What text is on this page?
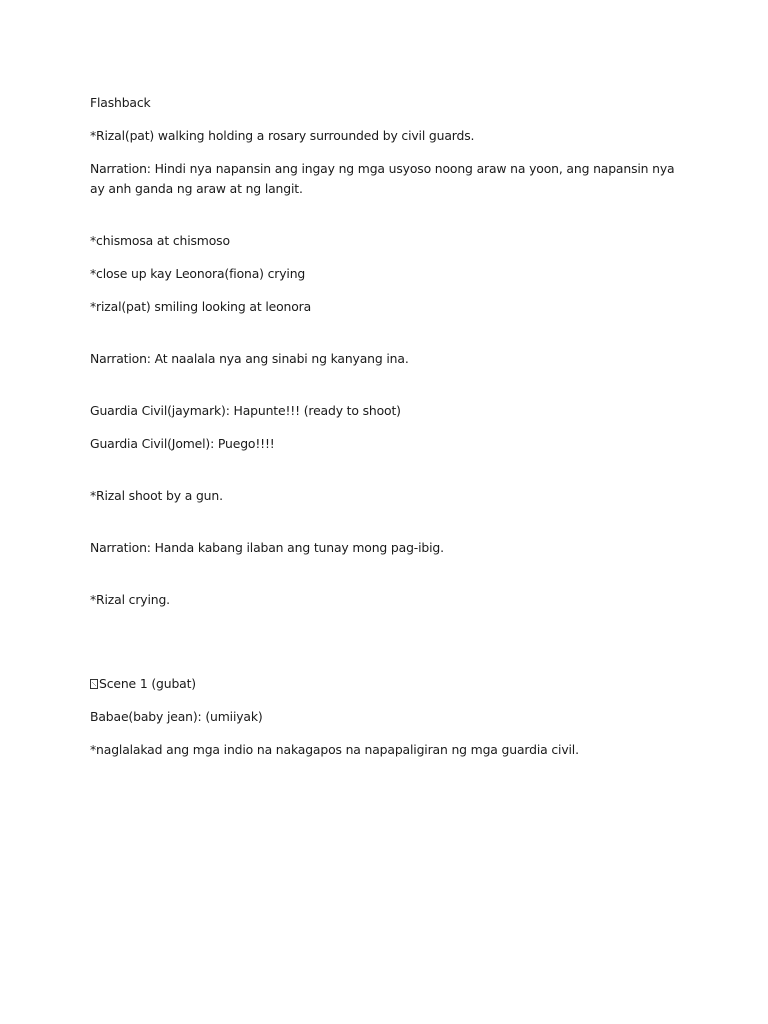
Flashback

*Rizal(pat) walking holding a rosary surrounded by civil guards.

Narration: Hindi nya napansin ang ingay ng mga usyoso noong araw na yoon, ang napansin nya ay anh ganda ng araw at ng langit.

*chismosa at chismoso

*close up kay Leonora(fiona) crying

*rizal(pat) smiling looking at leonora

Narration: At naalala nya ang sinabi ng kanyang ina.

Guardia Civil(jaymark): Hapunte!!! (ready to shoot)

Guardia Civil(Jomel): Puego!!!!

*Rizal shoot by a gun.

Narration: Handa kabang ilaban ang tunay mong pag-ibig.

*Rizal crying.

Scene 1 (gubat)

Babae(baby jean): (umiiyak)

*naglalakad ang mga indio na nakagapos na napapaligiran ng mga guardia civil.
